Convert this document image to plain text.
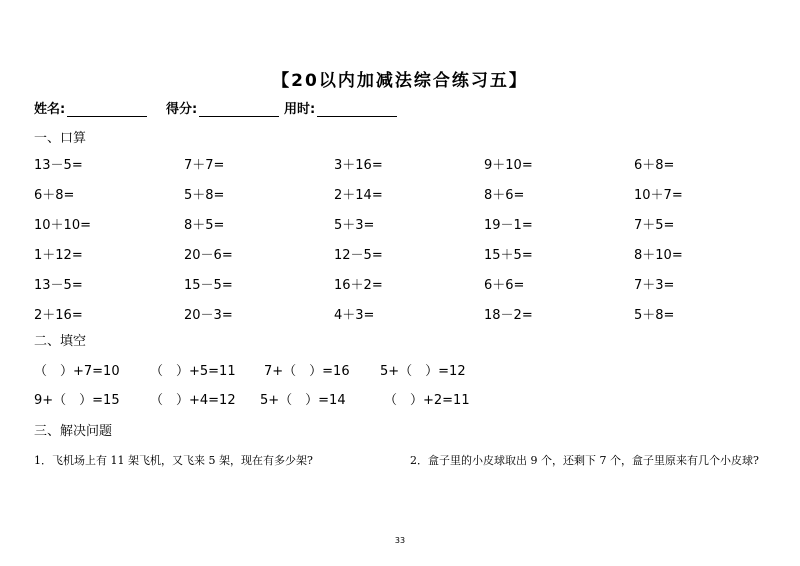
【20以内加减法综合练习五】
姓名:	得分:	用时:
一、口算
13－5=	7＋7=	3＋16=	9＋10=	6＋8=
6＋8=	5＋8=	2＋14=	8＋6=	10＋7=
10＋10=	8＋5=	5＋3=	19－1=	7＋5=
1＋12=	20－6=	12－5=	15＋5=	8＋10=
13－5=	15－5=	16＋2=	6＋6=	7＋3=
2＋16=	20－3=	4＋3=	18－2=	5＋8=
二、填空
（　）+7=10 （　）+5=11 7+（　）=16 5+（　）=12
9+（　）=15 （　）+4=12 5+（　）=14	（　）+2=11
三、解决问题
1．飞机场上有 11 架飞机，又飞来 5 架，现在有多少架?	2．盒子里的小皮球取出 9 个，还剩下 7 个，盒子里原来有几个小皮球?
33
